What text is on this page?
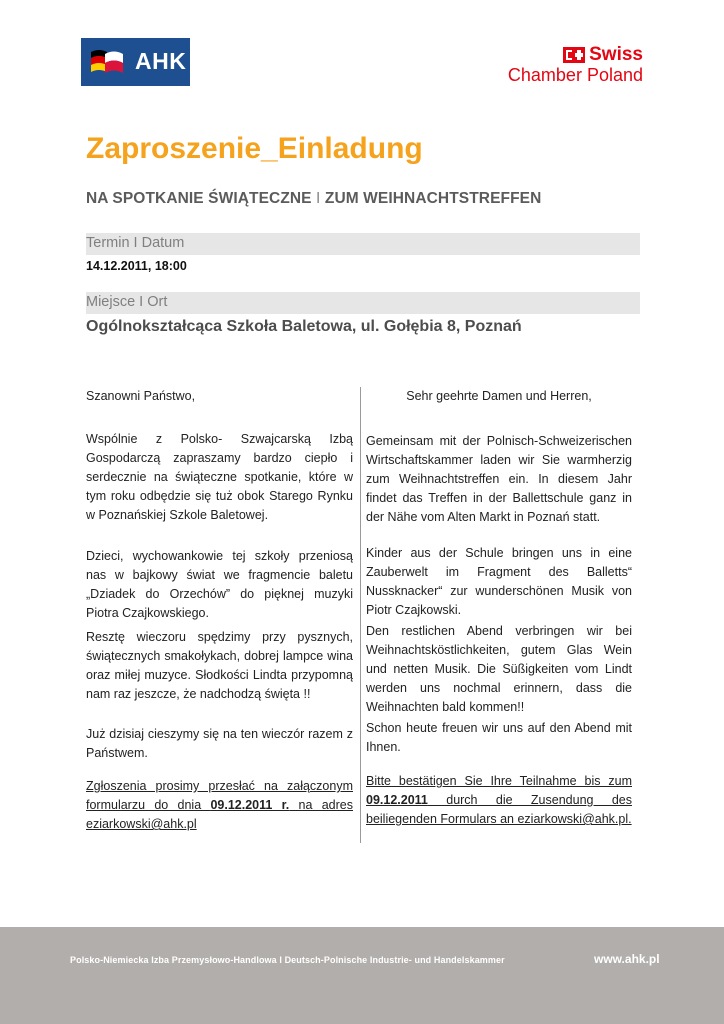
AHK	Swiss
Chamber Poland
Zaproszenie_Einladung
NA SPOTKANIE ŚWIĄTECZNE I ZUM WEIHNACHTSTREFFEN
Termin I Datum
14.12.2011, 18:00
Miejsce I Ort
Ogólnokształcąca Szkoła Baletowa, ul. Gołębia 8, Poznań
Szanowni Państwo,
Wspólnie z Polsko- Szwajcarską Izbą Gospodarczą zapraszamy bardzo ciepło i serdecznie na świąteczne spotkanie, które w tym roku odbędzie się tuż obok Starego Rynku w Poznańskiej Szkole Baletowej.
Dzieci, wychowankowie tej szkoły przeniosą nas w bajkowy świat we fragmencie baletu „Dziadek do Orzechów” do pięknej muzyki Piotra Czajkowskiego.
Resztę wieczoru spędzimy przy pysznych, świątecznych smakołykach, dobrej lampce wina oraz miłej muzyce. Słodkości Lindta przypomną nam raz jeszcze, że nadchodzą święta !!
Już dzisiaj cieszymy się na ten wieczór razem z Państwem.
Zgłoszenia prosimy przesłać na załączonym formularzu do dnia 09.12.2011 r. na adres eziarkowski@ahk.pl
Sehr geehrte Damen und Herren,
Gemeinsam mit der Polnisch-Schweizerischen Wirtschaftskammer laden wir Sie warmherzig zum Weihnachtstreffen ein. In diesem Jahr findet das Treffen in der Ballettschule ganz in der Nähe vom Alten Markt in Poznań statt.
Kinder aus der Schule bringen uns in eine Zauberwelt im Fragment des Balletts“ Nussknacker“ zur wunderschönen Musik von Piotr Czajkowski.
Den restlichen Abend verbringen wir bei Weihnachtsköstlichkeiten, gutem Glas Wein und netten Musik. Die Süßigkeiten vom Lindt werden uns nochmal erinnern, dass die Weihnachten bald kommen!!
Schon heute freuen wir uns auf den Abend mit Ihnen.
Bitte bestätigen Sie Ihre Teilnahme bis zum 09.12.2011 durch die Zusendung des beiliegenden Formulars an eziarkowski@ahk.pl.
Polsko-Niemiecka Izba Przemysłowo-Handlowa I Deutsch-Polnische Industrie- und Handelskammer	www.ahk.pl
